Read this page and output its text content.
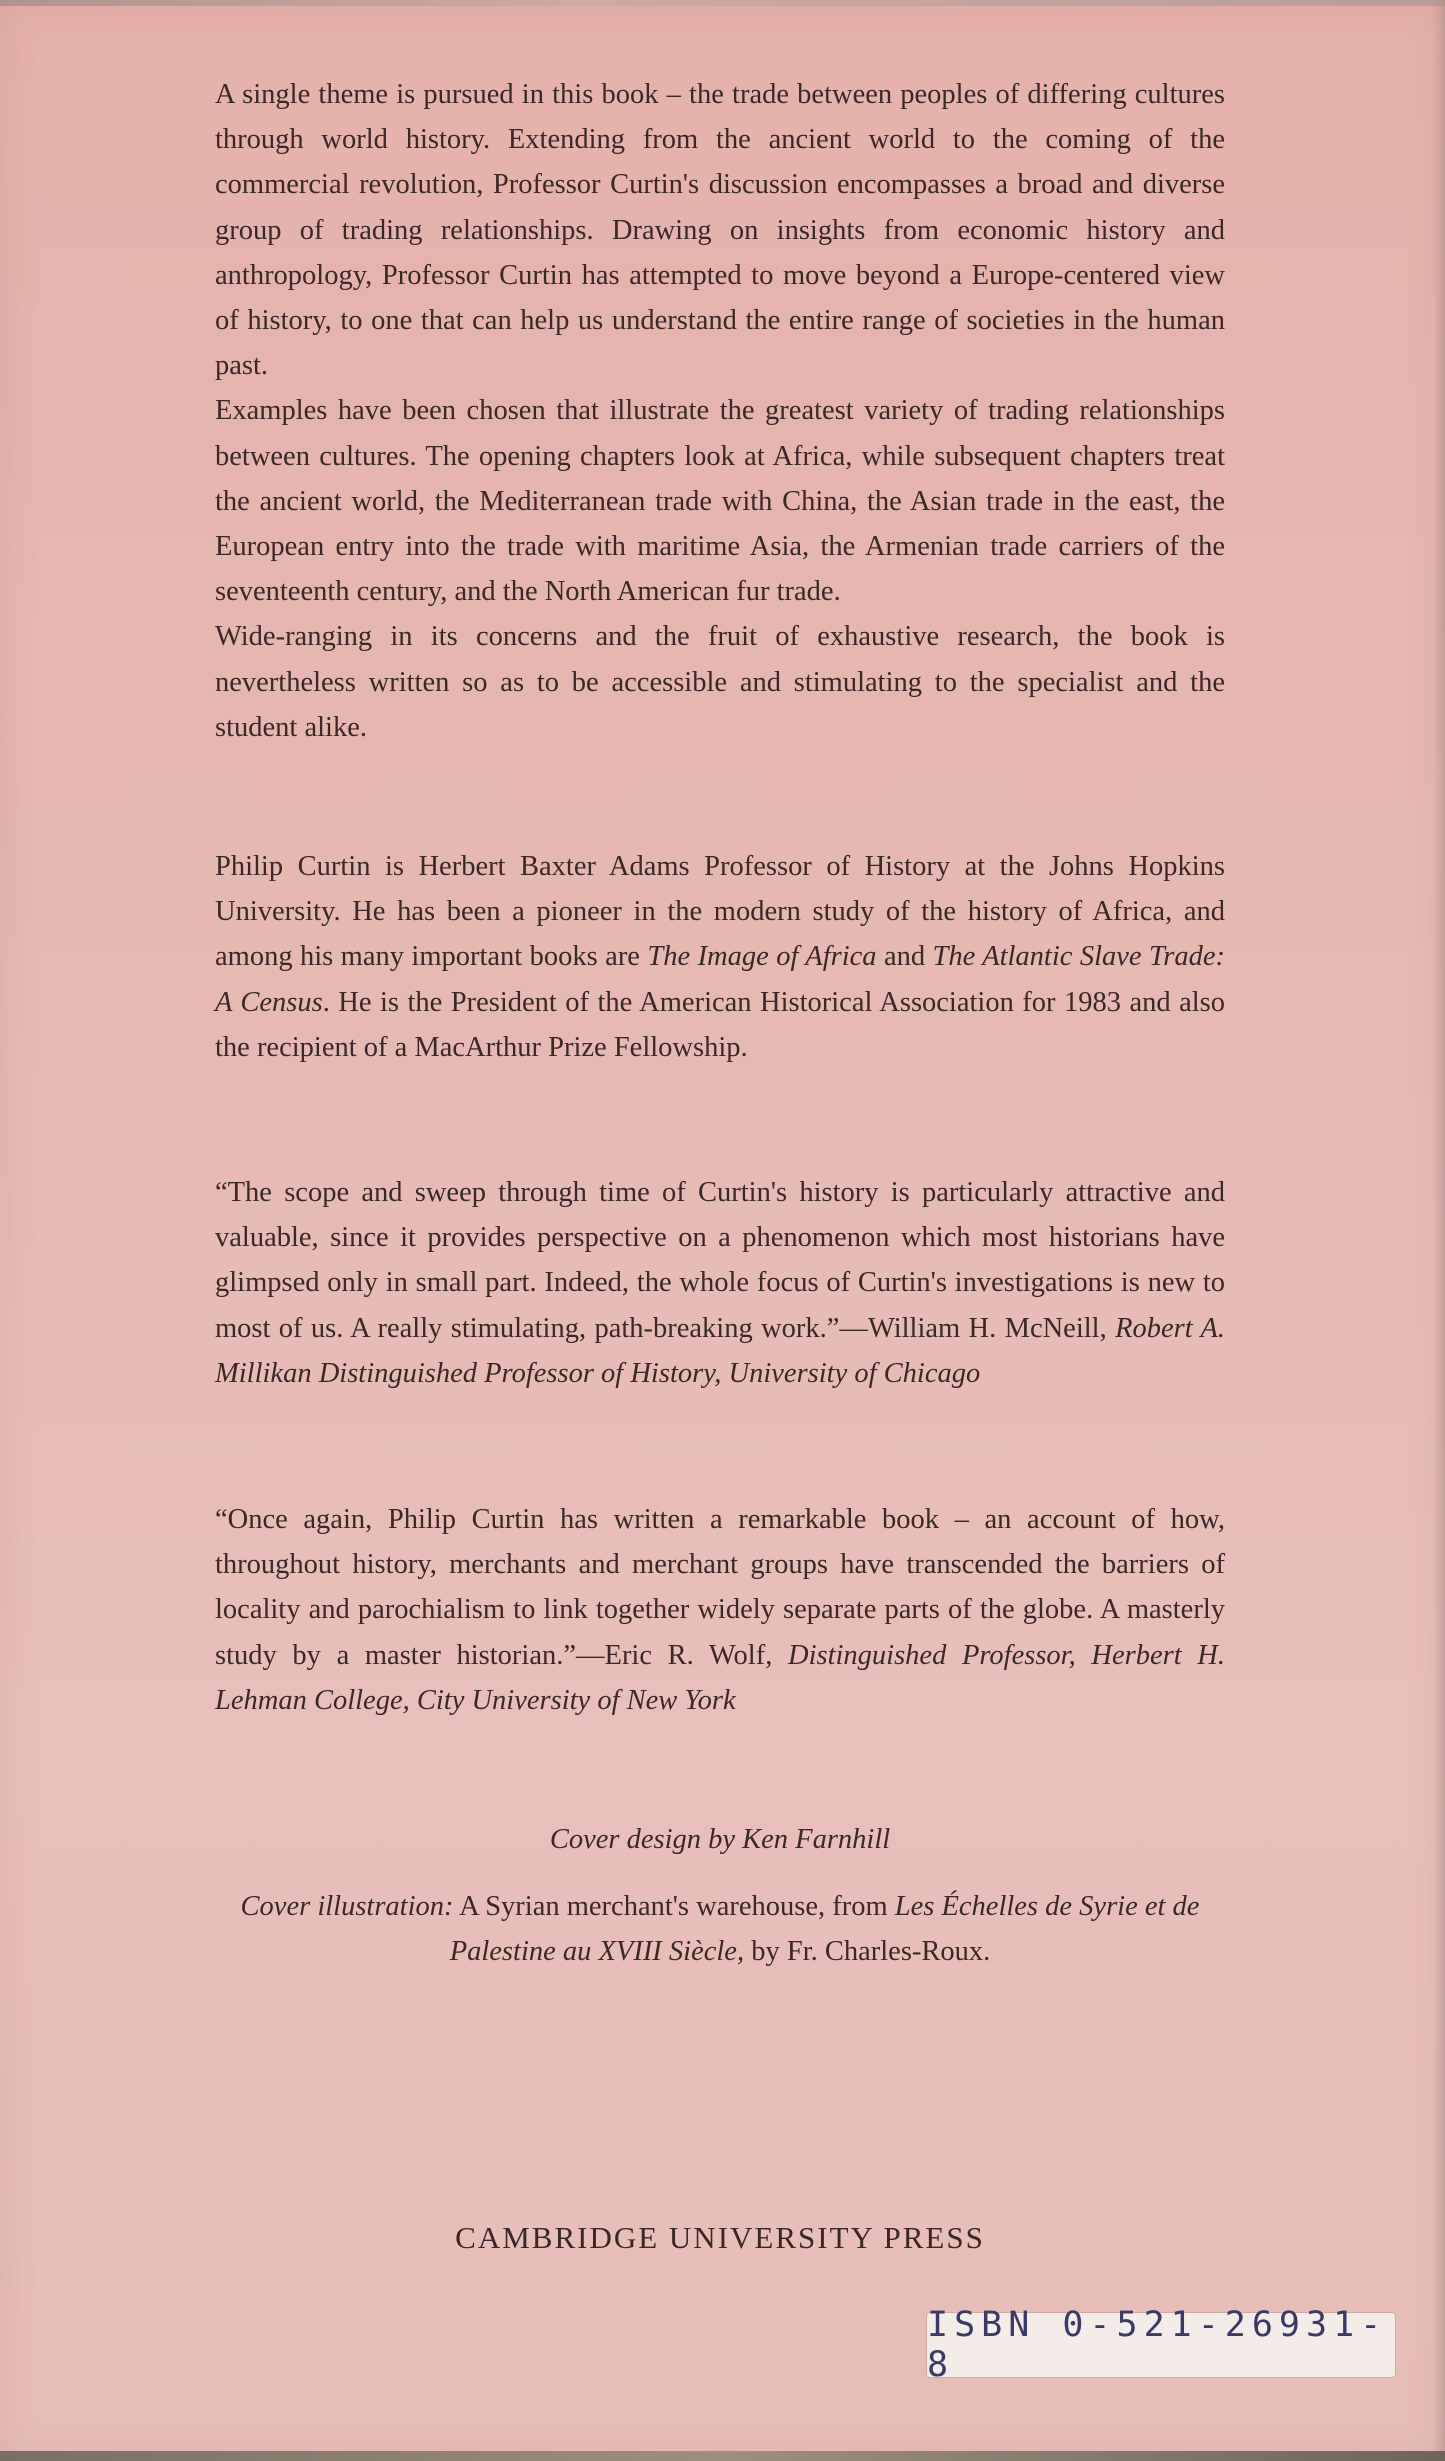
A single theme is pursued in this book – the trade between peoples of differing cultures through world history. Extending from the ancient world to the coming of the commercial revolution, Professor Curtin's discussion encompasses a broad and diverse group of trading relationships. Drawing on insights from economic history and anthropology, Professor Curtin has attempted to move beyond a Europe-centered view of history, to one that can help us understand the entire range of societies in the human past.

Examples have been chosen that illustrate the greatest variety of trading relationships between cultures. The opening chapters look at Africa, while subsequent chapters treat the ancient world, the Mediterranean trade with China, the Asian trade in the east, the European entry into the trade with maritime Asia, the Armenian trade carriers of the seventeenth century, and the North American fur trade.

Wide-ranging in its concerns and the fruit of exhaustive research, the book is nevertheless written so as to be accessible and stimulating to the specialist and the student alike.

Philip Curtin is Herbert Baxter Adams Professor of History at the Johns Hopkins University. He has been a pioneer in the modern study of the history of Africa, and among his many important books are The Image of Africa and The Atlantic Slave Trade: A Census. He is the President of the American Historical Association for 1983 and also the recipient of a MacArthur Prize Fellowship.

“The scope and sweep through time of Curtin's history is particularly attractive and valuable, since it provides perspective on a phenomenon which most historians have glimpsed only in small part. Indeed, the whole focus of Curtin's investigations is new to most of us. A really stimulating, path-breaking work.”—William H. McNeill, Robert A. Millikan Distinguished Professor of History, University of Chicago

“Once again, Philip Curtin has written a remarkable book – an account of how, throughout history, merchants and merchant groups have transcended the barriers of locality and parochialism to link together widely separate parts of the globe. A masterly study by a master historian.”—Eric R. Wolf, Distinguished Professor, Herbert H. Lehman College, City University of New York

Cover design by Ken Farnhill
Cover illustration: A Syrian merchant's warehouse, from Les Échelles de Syrie et de Palestine au XVIII Siècle, by Fr. Charles-Roux.
CAMBRIDGE UNIVERSITY PRESS
ISBN 0-521-26931-8
